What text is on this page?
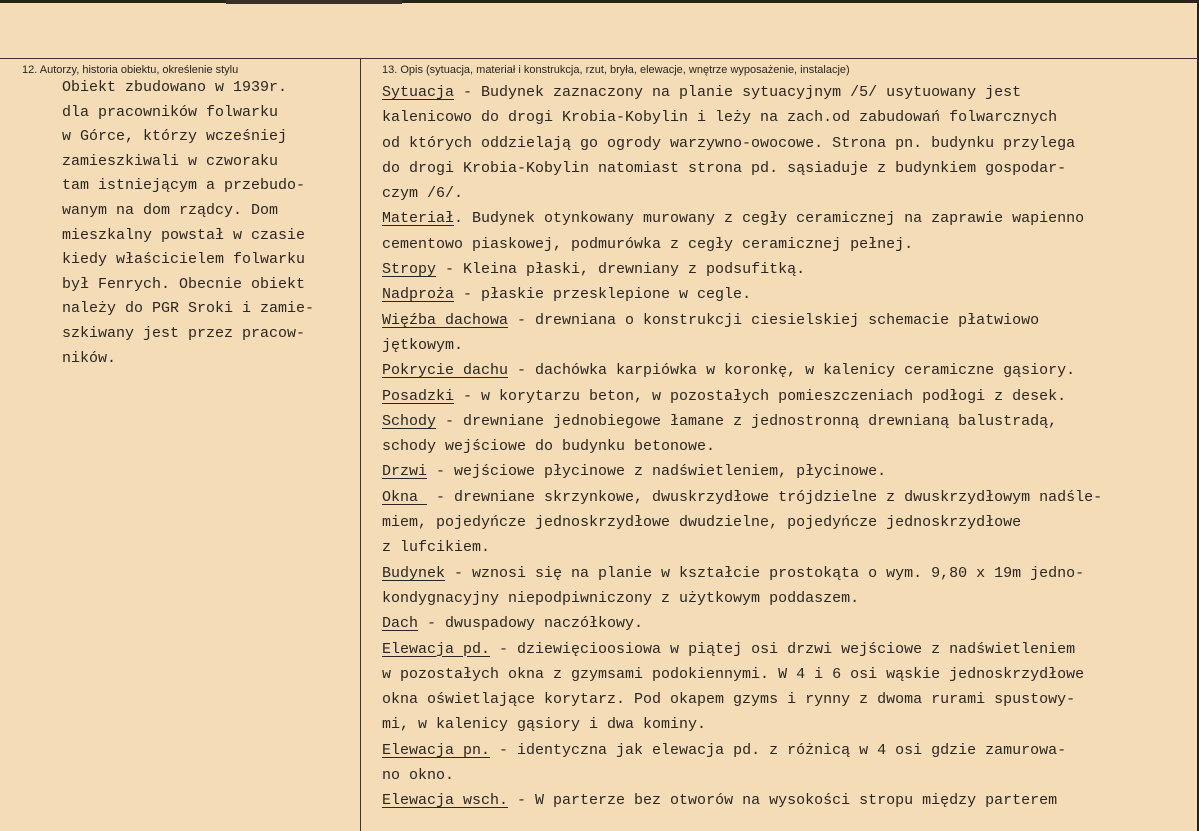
12. Autorzy, historia obiektu, określenie stylu	13. Opis (sytuacja, materiał i konstrukcja, rzut, bryła, elewacje, wnętrze wyposażenie, instalacje)
Obiekt zbudowano w 1939r.
dla pracowników folwarku
w Górce, którzy wcześniej
zamieszkiwali w czworaku
tam istniejącym a przebudo-
wanym na dom rządcy. Dom
mieszkalny powstał w czasie
kiedy właścicielem folwarku
był Fenrych. Obecnie obiekt
należy do PGR Sroki i zamie-
szkiwany jest przez pracow-
ników.
Sytuacja - Budynek zaznaczony na planie sytuacyjnym /5/ usytuowany jest
kalenicowo do drogi Krobia-Kobylin i leży na zach.od zabudowań folwarcznych
od których oddzielają go ogrody warzywno-owocowe. Strona pn. budynku przylega
do drogi Krobia-Kobylin natomiast strona pd. sąsiaduje z budynkiem gospodar-
czym /6/.
Materiał. Budynek otynkowany murowany z cegły ceramicznej na zaprawie wapienno
cementowo piaskowej, podmurówka z cegły ceramicznej pełnej.
Stropy - Kleina płaski, drewniany z podsufitką.
Nadproża - płaskie przesklepione w cegle.
Więźba dachowa - drewniana o konstrukcji ciesielskiej schemacie płatwiowo
jętkowym.
Pokrycie dachu - dachówka karpiówka w koronkę, w kalenicy ceramiczne gąsiory.
Posadzki - w korytarzu beton, w pozostałych pomieszczeniach podłogi z desek.
Schody - drewniane jednobiegowe łamane z jednostronną drewnianą balustradą,
schody wejściowe do budynku betonowe.
Drzwi - wejściowe płycinowe z nadświetleniem, płycinowe.
Okna  - drewniane skrzynkowe, dwuskrzydłowe trójdzielne z dwuskrzydłowym nadśle-
miem, pojedyńcze jednoskrzydłowe dwudzielne, pojedyńcze jednoskrzydłowe
z lufcikiem.
Budynek - wznosi się na planie w kształcie prostokąta o wym. 9,80 x 19m jedno-
kondygnacyjny niepodpiwniczony z użytkowym poddaszem.
Dach - dwuspadowy naczółkowy.
Elewacja pd. - dziewięcioosiowa w piątej osi drzwi wejściowe z nadświetleniem
w pozostałych okna z gzymsami podokiennymi. W 4 i 6 osi wąskie jednoskrzydłowe
okna oświetlające korytarz. Pod okapem gzyms i rynny z dwoma rurami spustowy-
mi, w kalenicy gąsiory i dwa kominy.
Elewacja pn. - identyczna jak elewacja pd. z różnicą w 4 osi gdzie zamurowa-
no okno.
Elewacja wsch. - W parterze bez otworów na wysokości stropu między parterem
